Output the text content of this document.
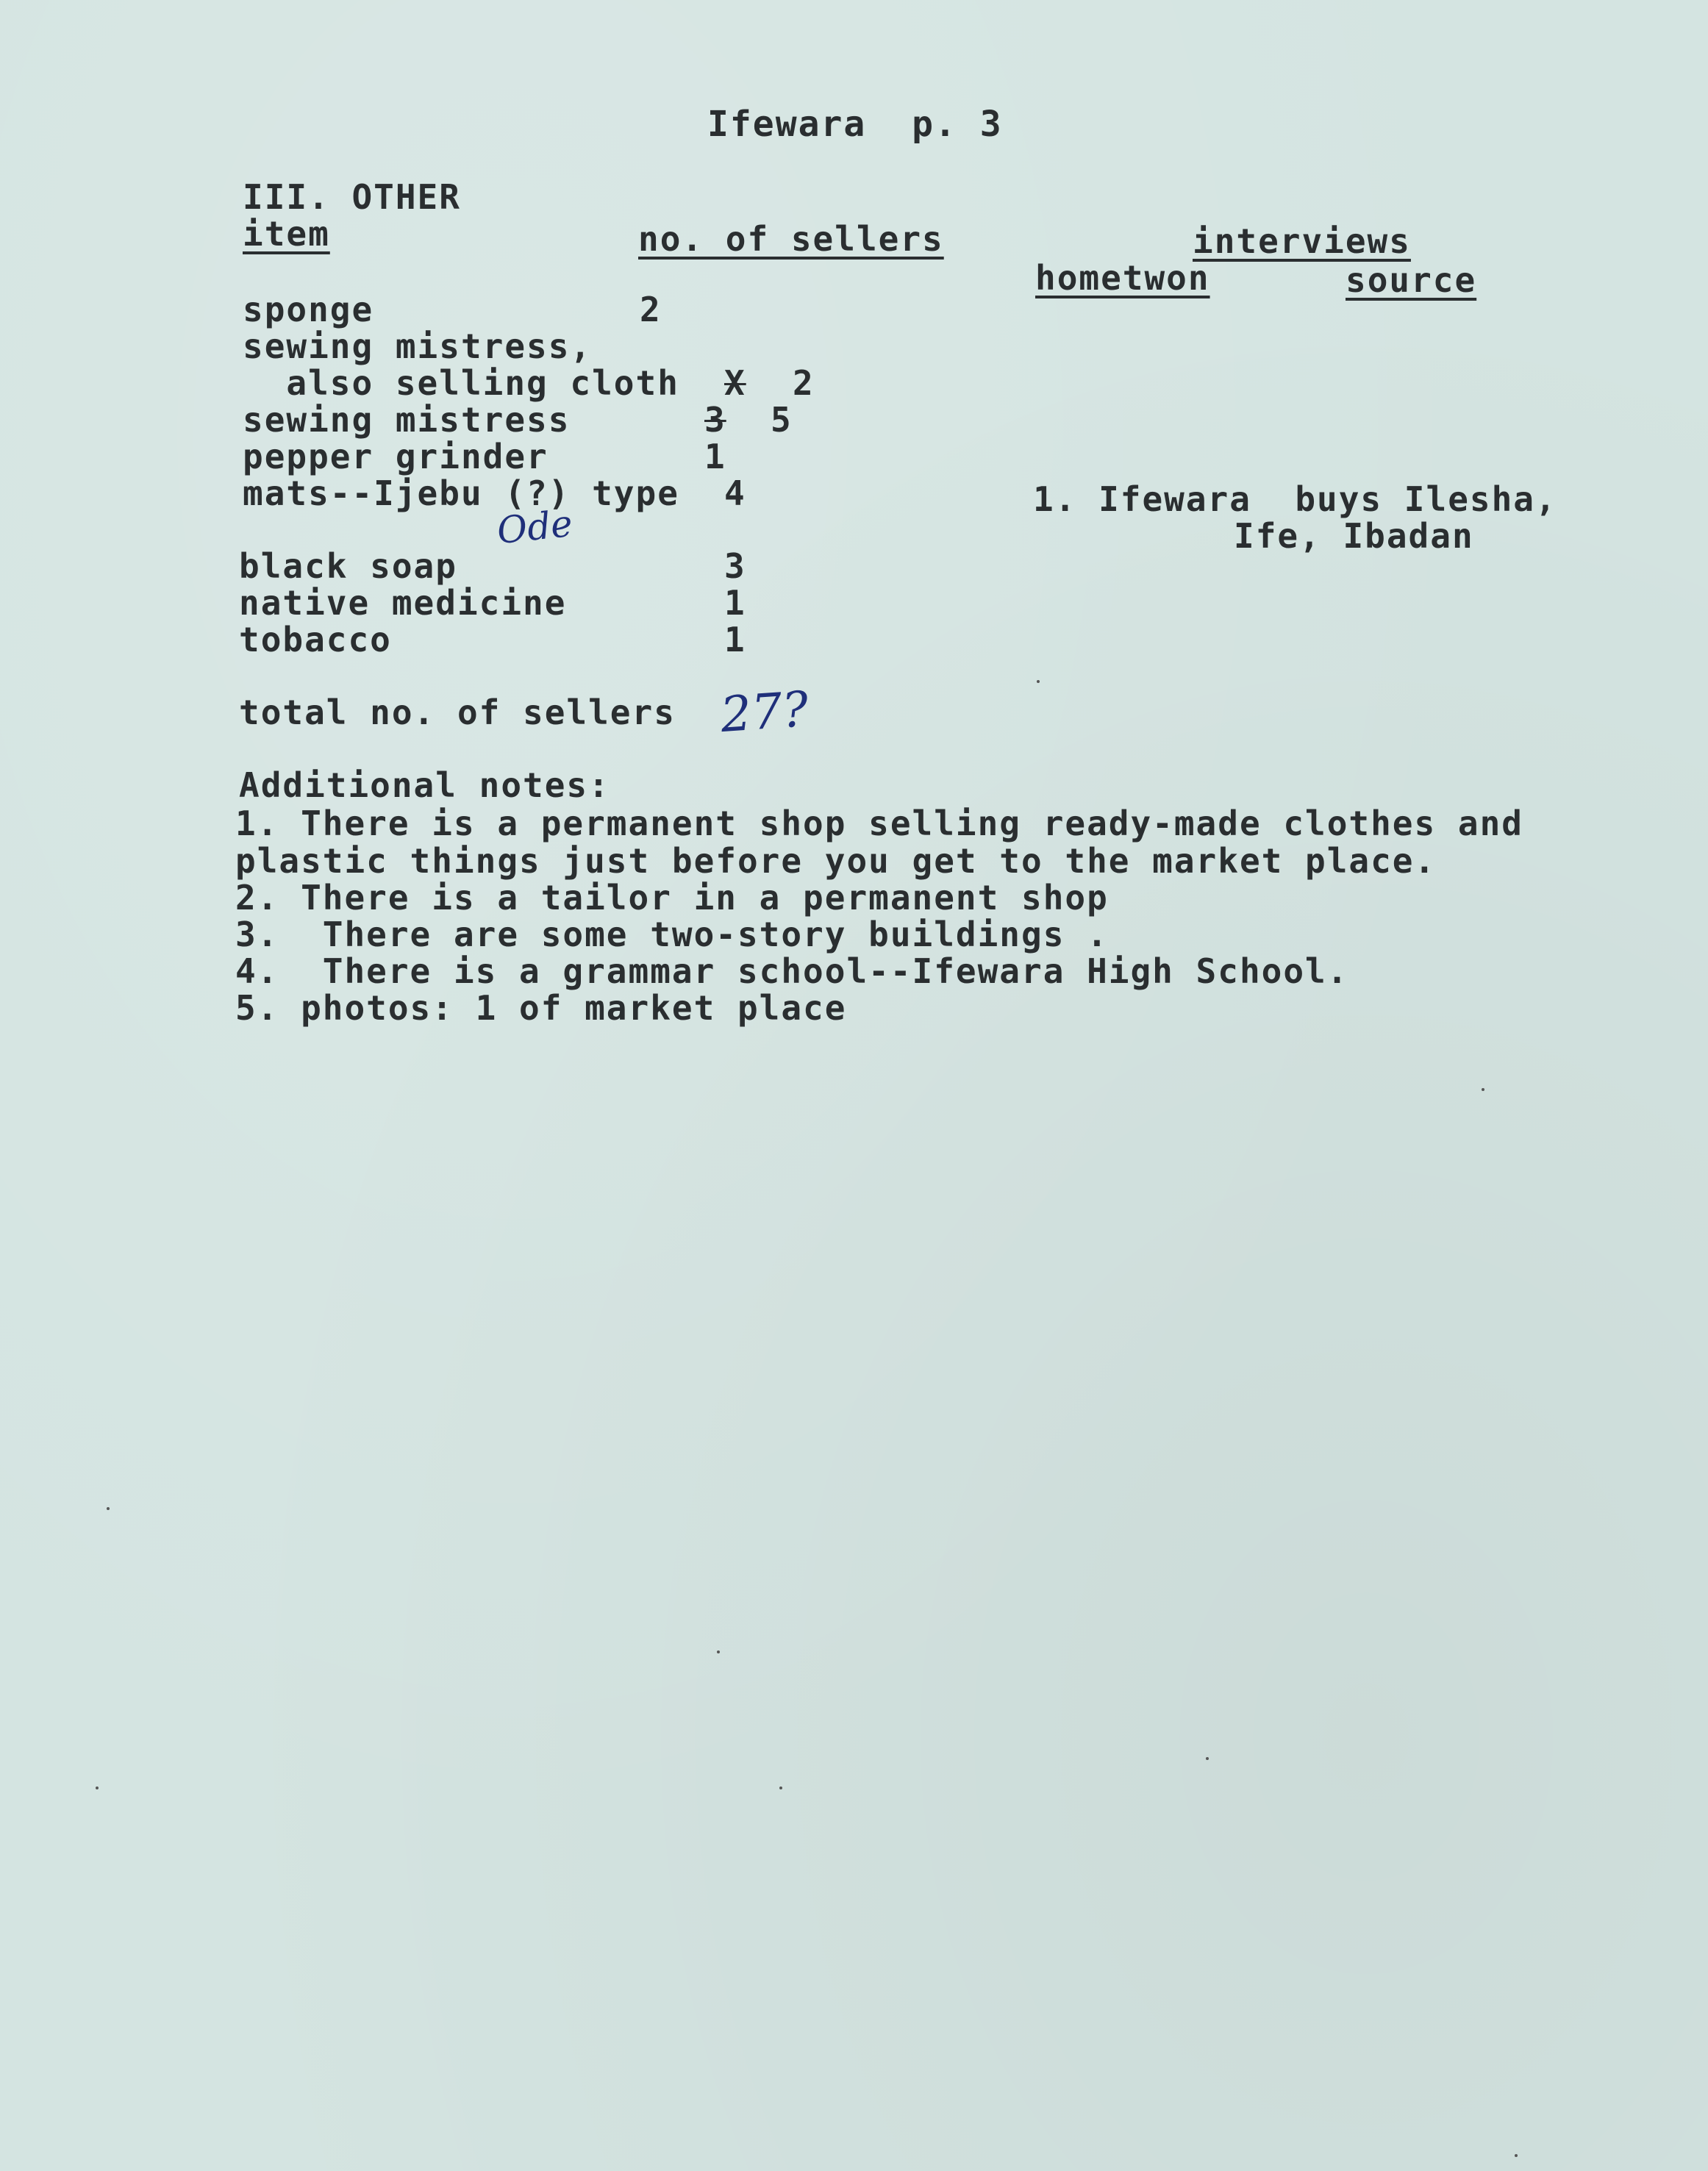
Ifewara  p. 3
III. OTHER
item	no. of sellers	interviews
hometwon	source
sponge	2
sewing mistress,
also selling cloth X 2
sewing mistress	3 5
pepper grinder	1
mats--Ijebu (?) type 4
Ode
1. Ifewara  buys Ilesha,
Ife, Ibadan
black soap	3
native medicine	1
tobacco	1
total no. of sellers 27?
Additional notes:
1. There is a permanent shop selling ready-made clothes and
plastic things just before you get to the market place.
2. There is a tailor in a permanent shop
3.  There are some two-story buildings .
4.  There is a grammar school--Ifewara High School.
5. photos: 1 of market place
